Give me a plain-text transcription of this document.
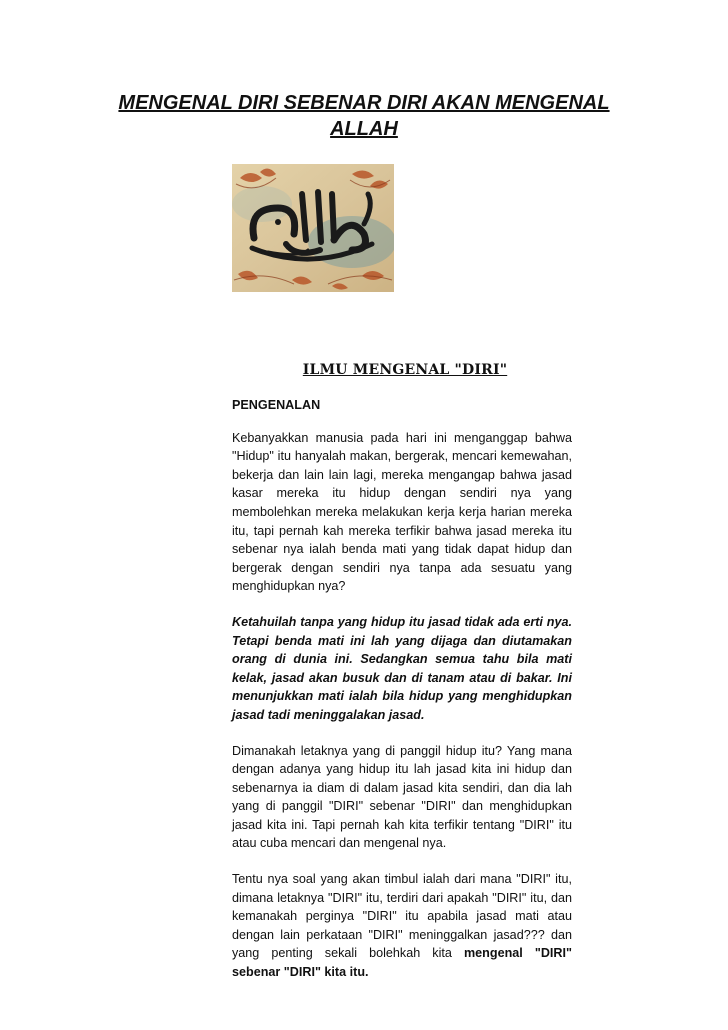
MENGENAL DIRI SEBENAR DIRI AKAN MENGENAL
ALLAH
ILMU MENGENAL "DIRI"

PENGENALAN

Kebanyakkan manusia pada hari ini menganggap bahwa "Hidup" itu hanyalah makan, bergerak, mencari kemewahan, bekerja dan lain lain lagi, mereka mengangap bahwa jasad kasar mereka itu hidup dengan sendiri nya yang membolehkan mereka melakukan kerja kerja harian mereka itu, tapi pernah kah mereka terfikir bahwa jasad mereka itu sebenar nya ialah benda mati yang tidak dapat hidup dan bergerak dengan sendiri nya tanpa ada sesuatu yang menghidupkan nya?

Ketahuilah tanpa yang hidup itu jasad tidak ada erti nya. Tetapi benda mati ini lah yang dijaga dan diutamakan orang di dunia ini. Sedangkan semua tahu bila mati kelak, jasad akan busuk dan di tanam atau di bakar. Ini menunjukkan mati ialah bila hidup yang menghidupkan jasad tadi meninggalakan jasad.

Dimanakah letaknya yang di panggil hidup itu? Yang mana dengan adanya yang hidup itu lah jasad kita ini hidup dan sebenarnya ia diam di dalam jasad kita sendiri, dan dia lah yang di panggil "DIRI" sebenar "DIRI" dan menghidupkan jasad kita ini. Tapi pernah kah kita terfikir tentang "DIRI" itu atau cuba mencari dan mengenal nya.

Tentu nya soal yang akan timbul ialah dari mana "DIRI" itu, dimana letaknya "DIRI" itu, terdiri dari apakah "DIRI" itu, dan kemanakah perginya "DIRI" itu apabila jasad mati atau dengan lain perkataan "DIRI" meninggalkan jasad??? dan yang penting sekali bolehkah kita mengenal "DIRI" sebenar "DIRI" kita itu.
